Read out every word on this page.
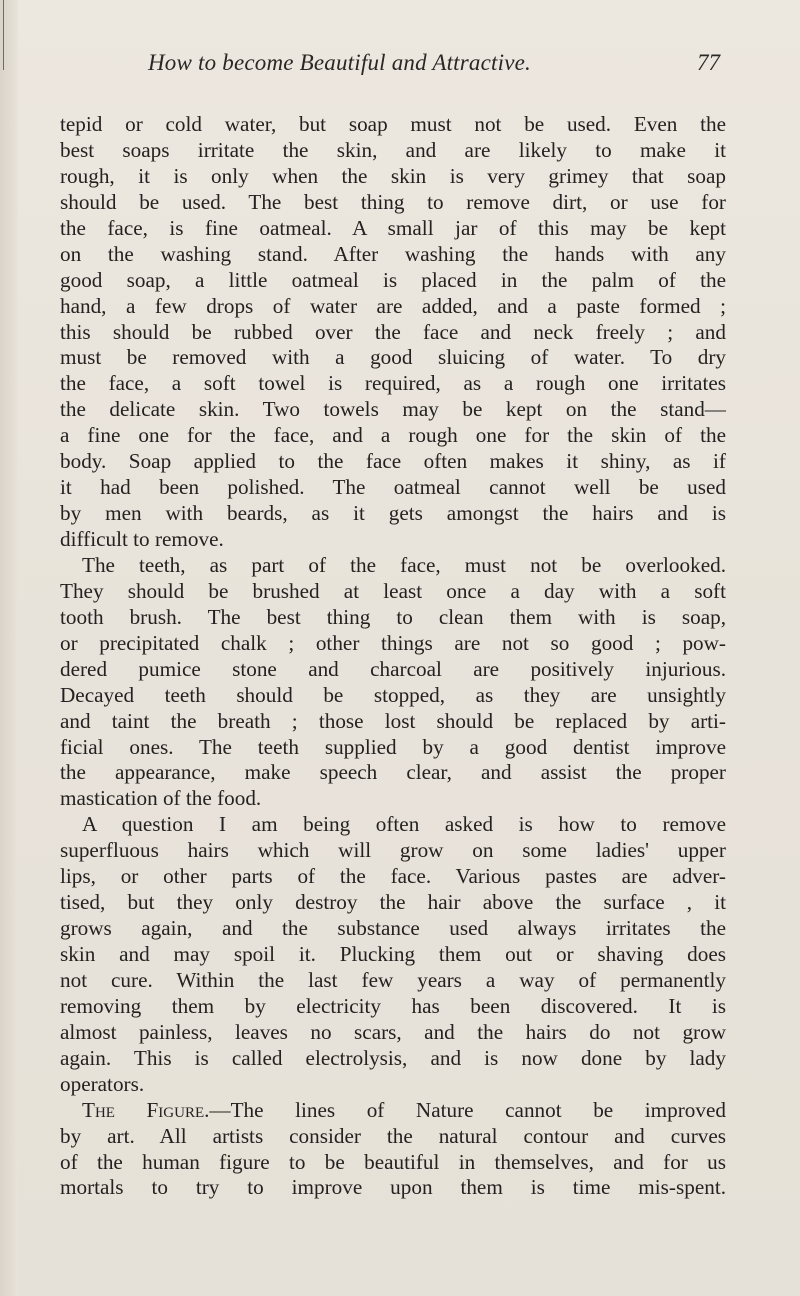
How to become Beautiful and Attractive.	77
tepid or cold water, but soap must not be used. Even the
best soaps irritate the skin, and are likely to make it
rough, it is only when the skin is very grimey that soap
should be used. The best thing to remove dirt, or use for
the face, is fine oatmeal. A small jar of this may be kept
on the washing stand. After washing the hands with any
good soap, a little oatmeal is placed in the palm of the
hand, a few drops of water are added, and a paste formed ;
this should be rubbed over the face and neck freely ; and
must be removed with a good sluicing of water. To dry
the face, a soft towel is required, as a rough one irritates
the delicate skin. Two towels may be kept on the stand—
a fine one for the face, and a rough one for the skin of the
body. Soap applied to the face often makes it shiny, as if
it had been polished. The oatmeal cannot well be used
by men with beards, as it gets amongst the hairs and is
difficult to remove.
The teeth, as part of the face, must not be overlooked.
They should be brushed at least once a day with a soft
tooth brush. The best thing to clean them with is soap,
or precipitated chalk ; other things are not so good ; pow-
dered pumice stone and charcoal are positively injurious.
Decayed teeth should be stopped, as they are unsightly
and taint the breath ; those lost should be replaced by arti-
ficial ones. The teeth supplied by a good dentist improve
the appearance, make speech clear, and assist the proper
mastication of the food.
A question I am being often asked is how to remove
superfluous hairs which will grow on some ladies' upper
lips, or other parts of the face. Various pastes are adver-
tised, but they only destroy the hair above the surface , it
grows again, and the substance used always irritates the
skin and may spoil it. Plucking them out or shaving does
not cure. Within the last few years a way of permanently
removing them by electricity has been discovered. It is
almost painless, leaves no scars, and the hairs do not grow
again. This is called electrolysis, and is now done by lady
operators.
The Figure.—The lines of Nature cannot be improved
by art. All artists consider the natural contour and curves
of the human figure to be beautiful in themselves, and for us
mortals to try to improve upon them is time mis-spent.
